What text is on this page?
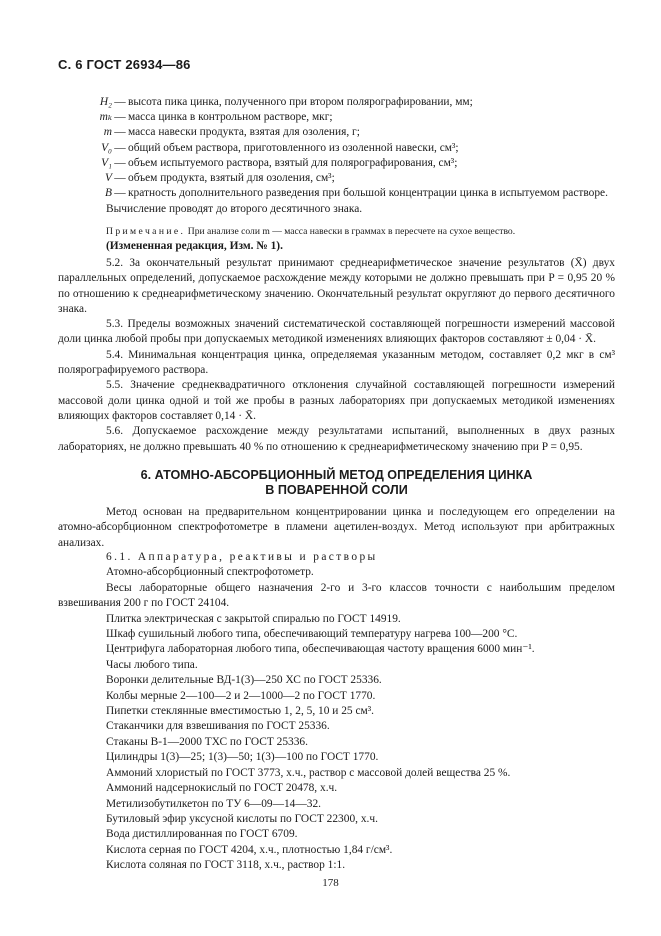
С. 6 ГОСТ 26934—86
H₂ — высота пика цинка, полученного при втором полярографировании, мм;
mₖ — масса цинка в контрольном растворе, мкг;
m — масса навески продукта, взятая для озоления, г;
V₀ — общий объем раствора, приготовленного из озоленной навески, см³;
V₁ — объем испытуемого раствора, взятый для полярографирования, см³;
V — объем продукта, взятый для озоления, см³;
B — кратность дополнительного разведения при большой концентрации цинка в испытуемом растворе.
Вычисление проводят до второго десятичного знака.
Примечание. При анализе соли m — масса навески в граммах в пересчете на сухое вещество.
(Измененная редакция, Изм. № 1).

5.2. За окончательный результат принимают среднеарифметическое значение результатов (X̄) двух параллельных определений, допускаемое расхождение между которыми не должно превышать при P = 0,95 20 % по отношению к среднеарифметическому значению. Окончательный результат округляют до первого десятичного знака.

5.3. Пределы возможных значений систематической составляющей погрешности измерений массовой доли цинка любой пробы при допускаемых методикой изменениях влияющих факторов составляют ± 0,04 · X̄.

5.4. Минимальная концентрация цинка, определяемая указанным методом, составляет 0,2 мкг в см³ полярографируемого раствора.

5.5. Значение среднеквадратичного отклонения случайной составляющей погрешности измерений массовой доли цинка одной и той же пробы в разных лабораториях при допускаемых методикой изменениях влияющих факторов составляет 0,14 · X̄.

5.6. Допускаемое расхождение между результатами испытаний, выполненных в двух разных лабораториях, не должно превышать 40 % по отношению к среднеарифметическому значению при P = 0,95.

6. АТОМНО-АБСОРБЦИОННЫЙ МЕТОД ОПРЕДЕЛЕНИЯ ЦИНКА
В ПОВАРЕННОЙ СОЛИ

Метод основан на предварительном концентрировании цинка и последующем его определении на атомно-абсорбционном спектрофотометре в пламени ацетилен-воздух. Метод используют при арбитражных анализах.

6.1. Аппаратура, реактивы и растворы
Атомно-абсорбционный спектрофотометр.
Весы лабораторные общего назначения 2-го и 3-го классов точности с наибольшим пределом взвешивания 200 г по ГОСТ 24104.
Плитка электрическая с закрытой спиралью по ГОСТ 14919.
Шкаф сушильный любого типа, обеспечивающий температуру нагрева 100—200 °С.
Центрифуга лабораторная любого типа, обеспечивающая частоту вращения 6000 мин⁻¹.
Часы любого типа.
Воронки делительные ВД-1(3)—250 ХС по ГОСТ 25336.
Колбы мерные 2—100—2 и 2—1000—2 по ГОСТ 1770.
Пипетки стеклянные вместимостью 1, 2, 5, 10 и 25 см³.
Стаканчики для взвешивания по ГОСТ 25336.
Стаканы В-1—2000 ТХС по ГОСТ 25336.
Цилиндры 1(3)—25; 1(3)—50; 1(3)—100 по ГОСТ 1770.
Аммоний хлористый по ГОСТ 3773, х.ч., раствор с массовой долей вещества 25 %.
Аммоний надсернокислый по ГОСТ 20478, х.ч.
Метилизобутилкетон по ТУ 6—09—14—32.
Бутиловый эфир уксусной кислоты по ГОСТ 22300, х.ч.
Вода дистиллированная по ГОСТ 6709.
Кислота серная по ГОСТ 4204, х.ч., плотностью 1,84 г/см³.
Кислота соляная по ГОСТ 3118, х.ч., раствор 1:1.
178
